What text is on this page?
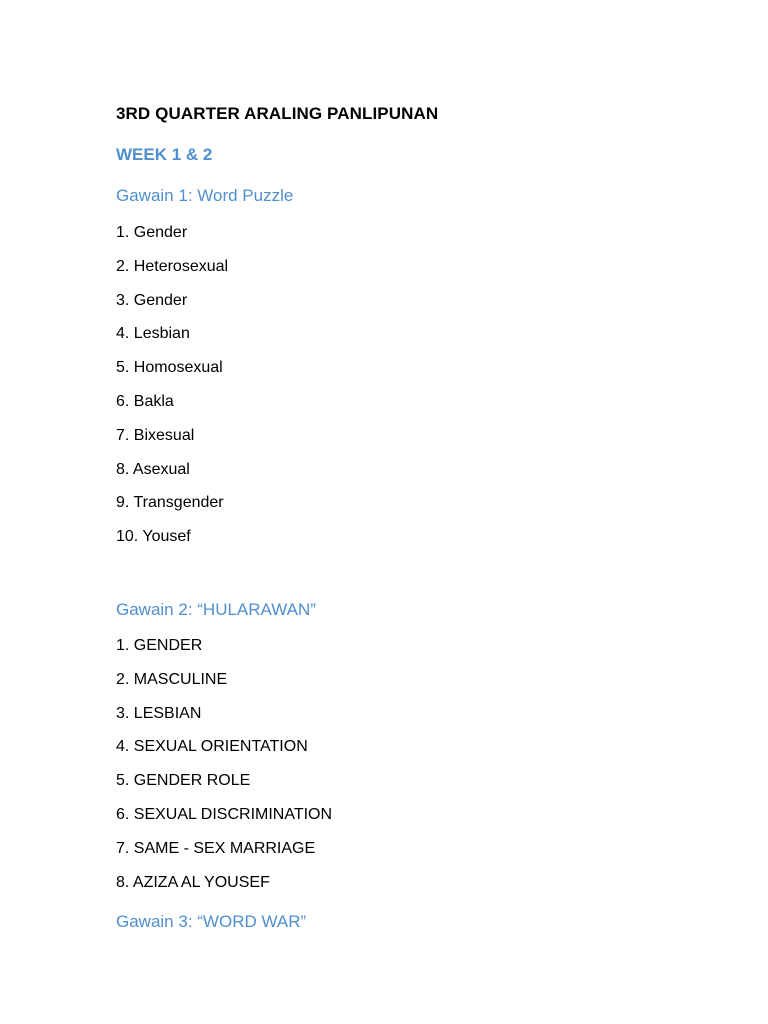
3RD QUARTER ARALING PANLIPUNAN
WEEK 1 & 2
Gawain 1: Word Puzzle
1. Gender
2. Heterosexual
3. Gender
4. Lesbian
5. Homosexual
6. Bakla
7. Bixesual
8. Asexual
9. Transgender
10. Yousef
Gawain 2: “HULARAWAN”
1. GENDER
2. MASCULINE
3. LESBIAN
4. SEXUAL ORIENTATION
5. GENDER ROLE
6. SEXUAL DISCRIMINATION
7. SAME - SEX MARRIAGE
8. AZIZA AL YOUSEF
Gawain 3: “WORD WAR”
